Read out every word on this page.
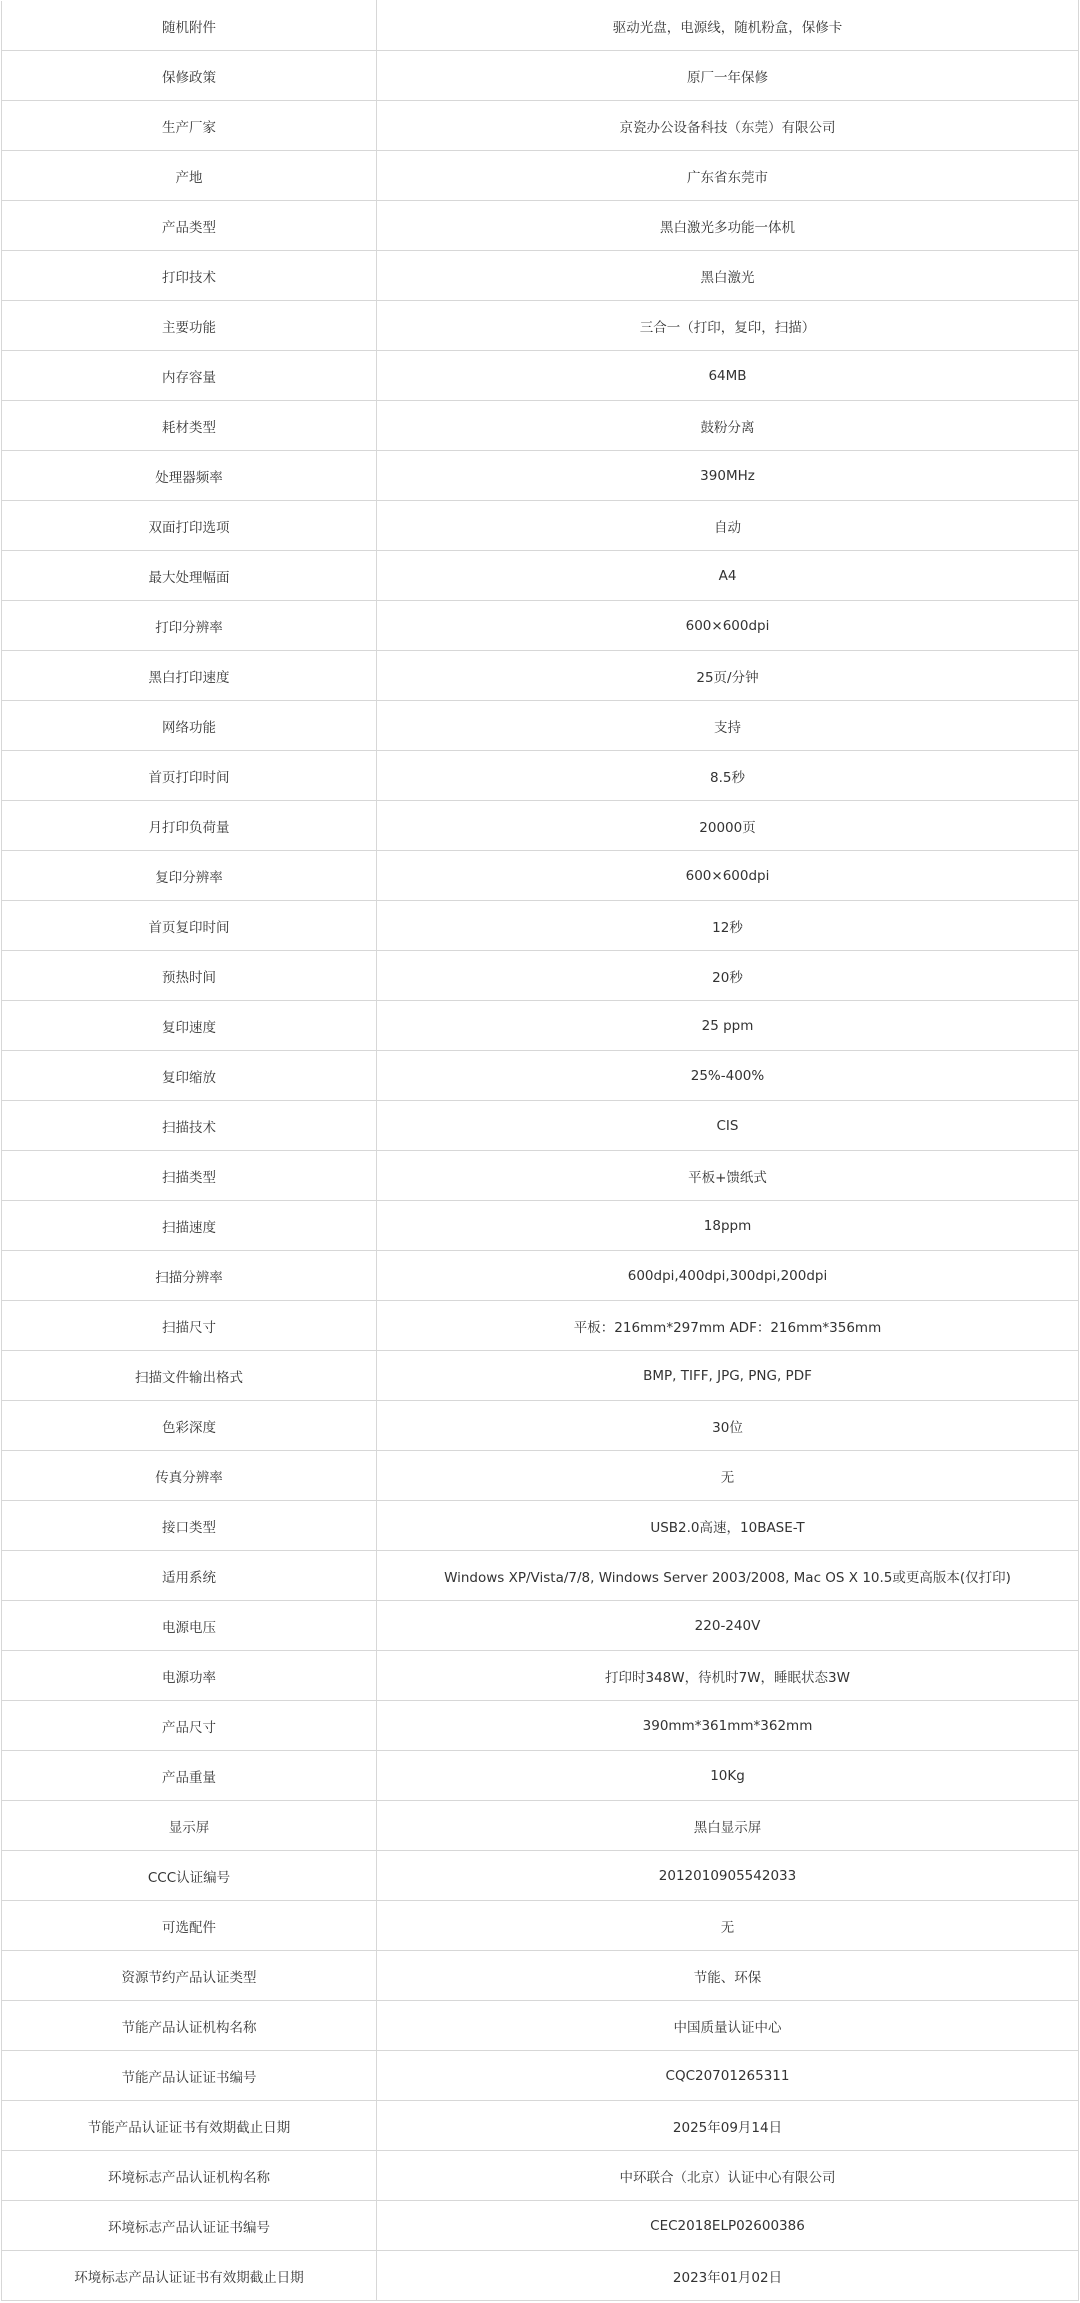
随机附件	驱动光盘，电源线，随机粉盒，保修卡
保修政策	原厂一年保修
生产厂家	京瓷办公设备科技（东莞）有限公司
产地	广东省东莞市
产品类型	黑白激光多功能一体机
打印技术	黑白激光
主要功能	三合一（打印，复印，扫描）
内存容量	64MB
耗材类型	鼓粉分离
处理器频率	390MHz
双面打印选项	自动
最大处理幅面	A4
打印分辨率	600×600dpi
黑白打印速度	25页/分钟
网络功能	支持
首页打印时间	8.5秒
月打印负荷量	20000页
复印分辨率	600×600dpi
首页复印时间	12秒
预热时间	20秒
复印速度	25 ppm
复印缩放	25%-400%
扫描技术	CIS
扫描类型	平板+馈纸式
扫描速度	18ppm
扫描分辨率	600dpi,400dpi,300dpi,200dpi
扫描尺寸	平板：216mm*297mm ADF：216mm*356mm
扫描文件输出格式	BMP, TIFF, JPG, PNG, PDF
色彩深度	30位
传真分辨率	无
接口类型	USB2.0高速，10BASE-T
适用系统	Windows XP/Vista/7/8, Windows Server 2003/2008, Mac OS X 10.5或更高版本(仅打印)
电源电压	220-240V
电源功率	打印时348W，待机时7W，睡眠状态3W
产品尺寸	390mm*361mm*362mm
产品重量	10Kg
显示屏	黑白显示屏
CCC认证编号	2012010905542033
可选配件	无
资源节约产品认证类型	节能、环保
节能产品认证机构名称	中国质量认证中心
节能产品认证证书编号	CQC20701265311
节能产品认证证书有效期截止日期	2025年09月14日
环境标志产品认证机构名称	中环联合（北京）认证中心有限公司
环境标志产品认证证书编号	CEC2018ELP02600386
环境标志产品认证证书有效期截止日期	2023年01月02日
